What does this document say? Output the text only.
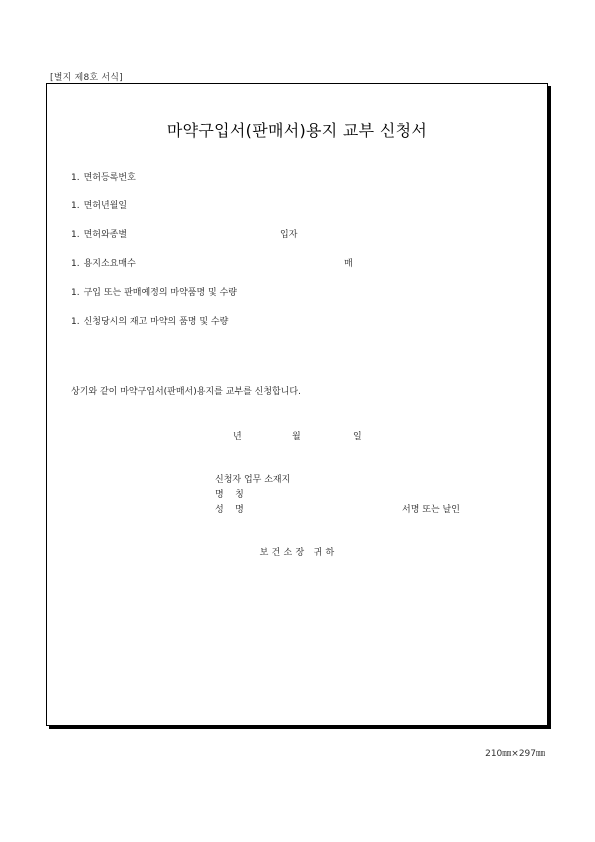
[별지 제8호 서식]
마약구입서(판매서)용지 교부 신청서
1. 면허등록번호
1. 면허년월일
1. 면허와종별	입자
1. 용지소요매수	매
1. 구입 또는 판매예정의 마약품명 및 수량
1. 신청당시의 재고 마약의 품명 및 수량
상기와 같이 마약구입서(판매서)용지를 교부를 신청합니다.
년	월	일
신청자 업무 소재지
명    칭
성    명	서명 또는 날인
보 건 소 장   귀 하
210㎜×297㎜
